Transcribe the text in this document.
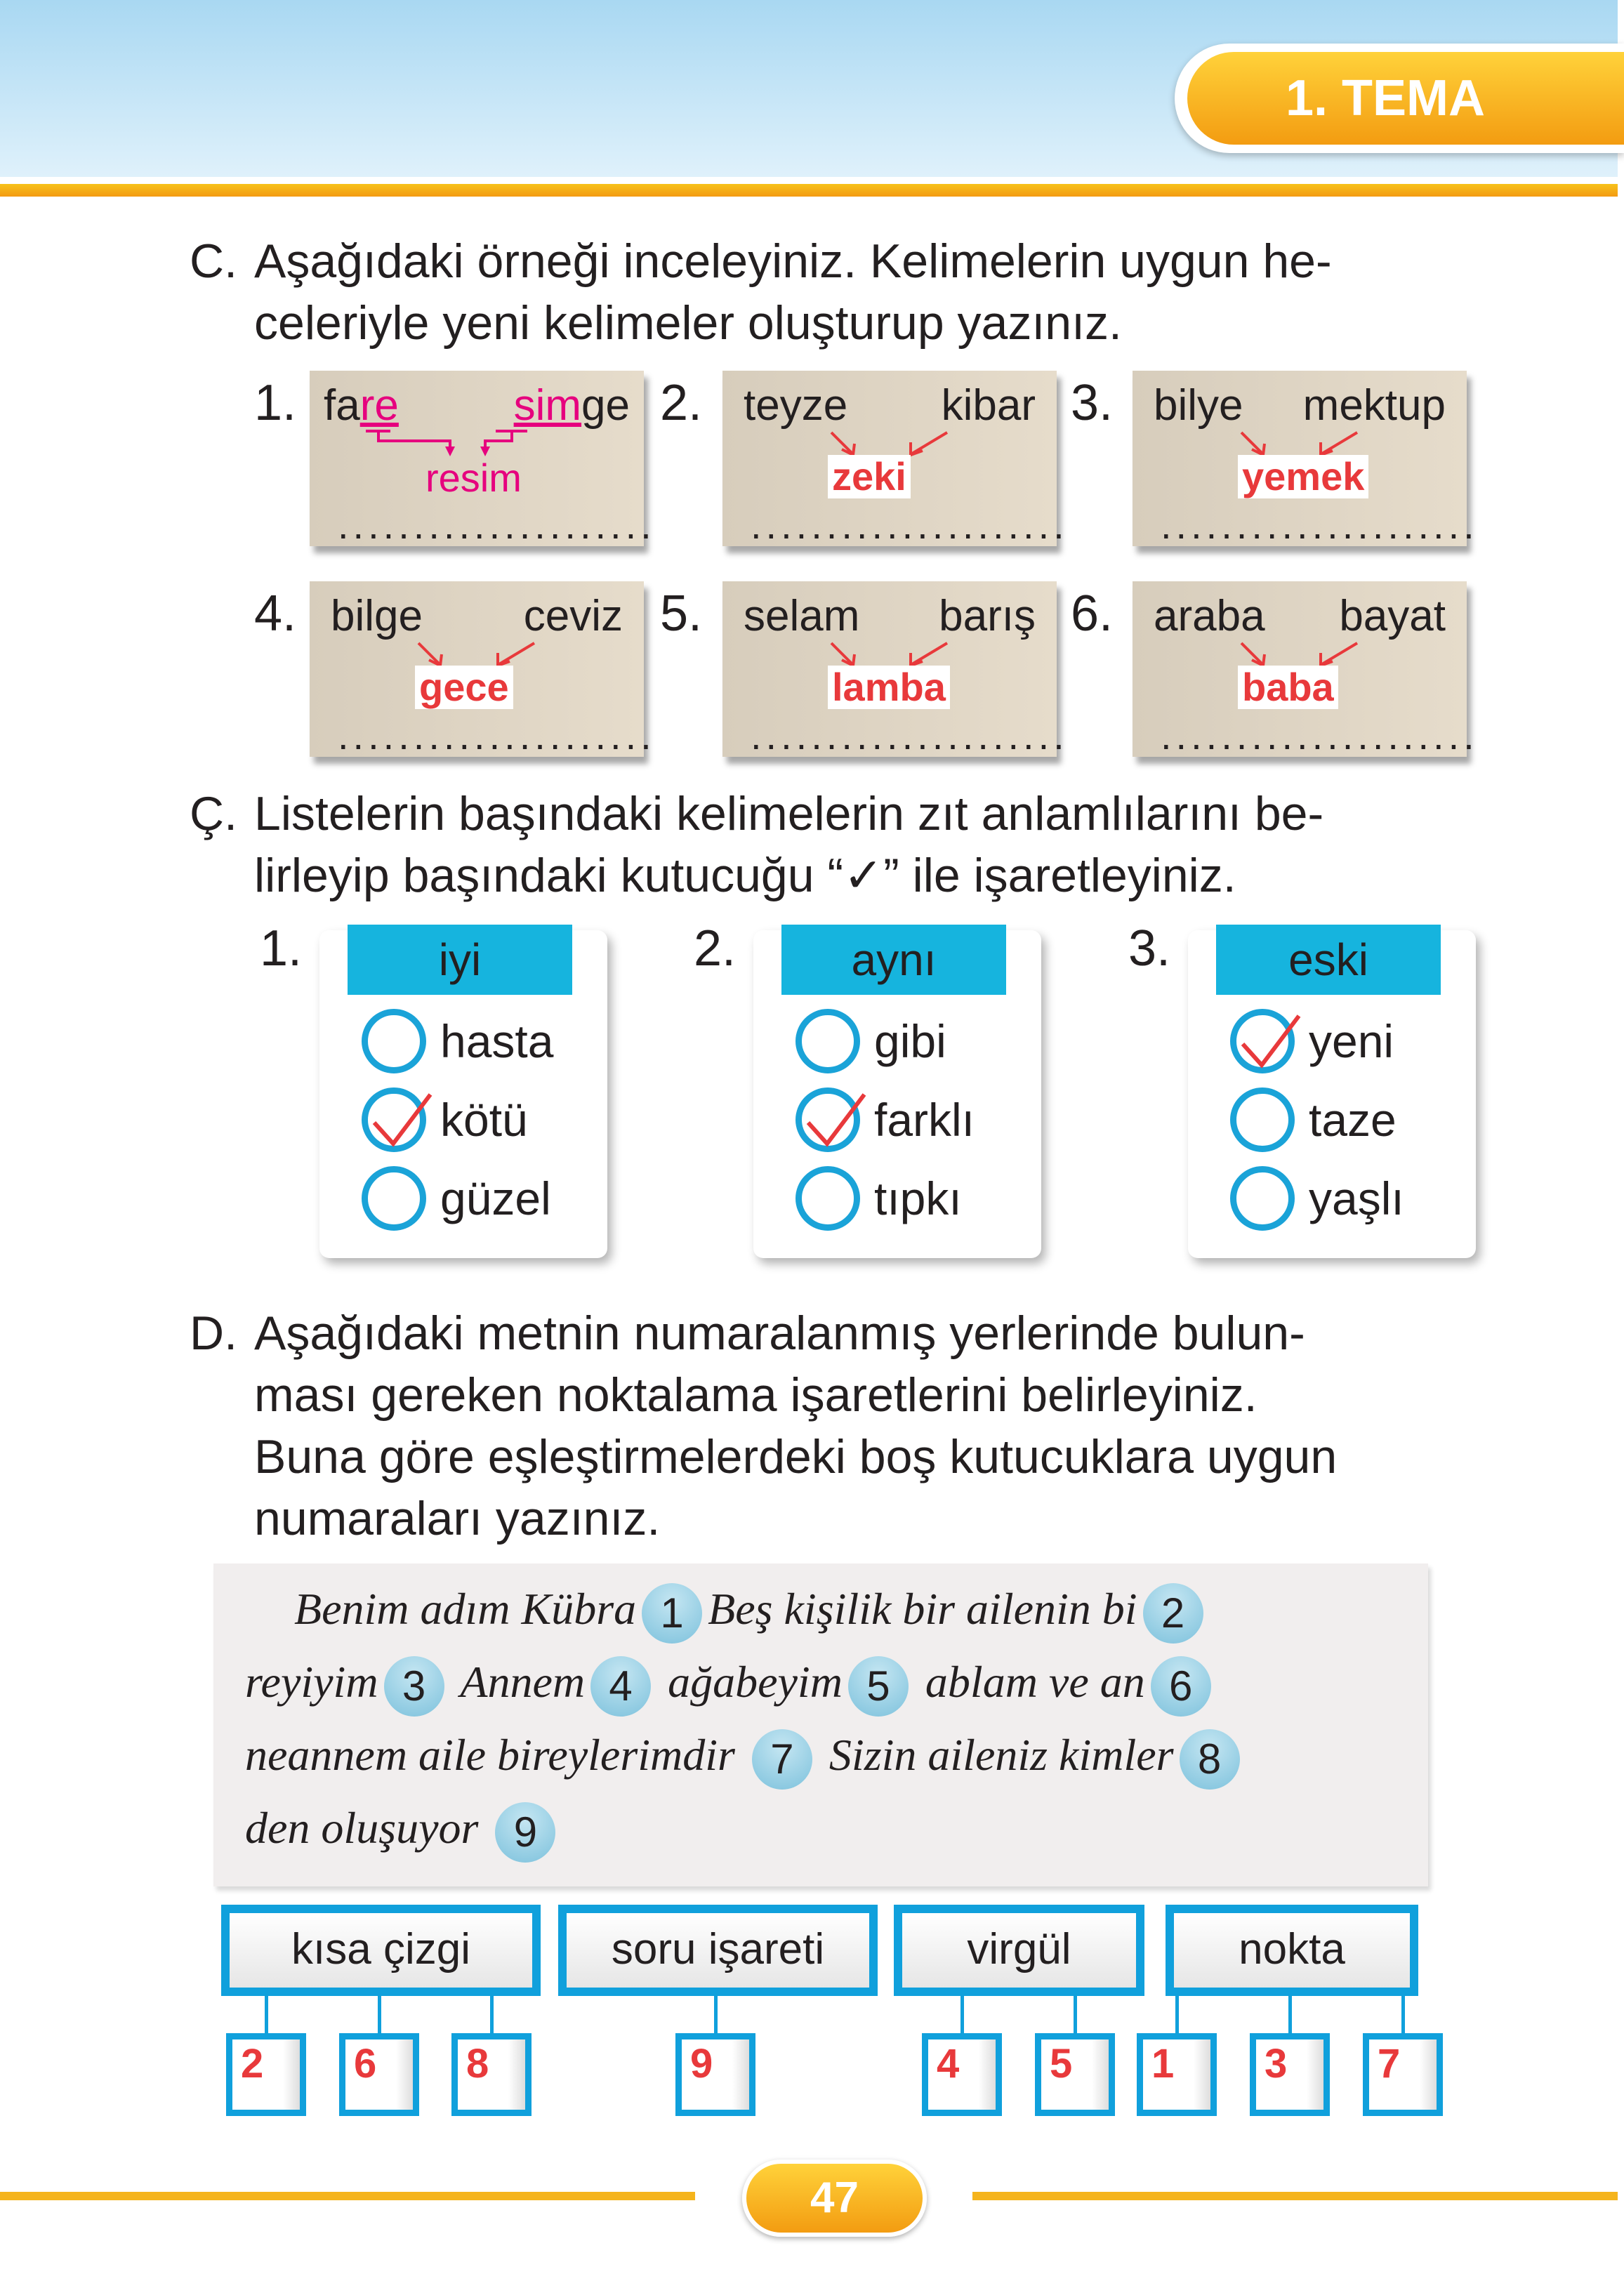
1. TEMA
C. Aşağıdaki örneği inceleyiniz. Kelimelerin uygun he-
celeriyle yeni kelimeler oluşturup yazınız.
Ç. Listelerin başındaki kelimelerin zıt anlamlılarını be-
lirleyip başındaki kutucuğu “✓” ile işaretleyiniz.
D. Aşağıdaki metnin numaralanmış yerlerinde bulun-
ması gereken noktalama işaretlerini belirleyiniz.
Buna göre eşleştirmelerdeki boş kutucuklara uygun
numaraları yazınız.
Benim adım Kübra 1 Beş kişilik bir ailenin bi 2
reyiyim 3 Annem 4 ağabeyim 5 ablam ve an 6
neannem aile bireylerimdir 7 Sizin aileniz kimler 8
den oluşuyor 9
47
1. fare	simge
resim
.....................
2. teyze kibar
zeki
.....................
3. bilye mektup
yemek
.....................
4. bilge ceviz
gece
.....................
5. selam barış
lamba
.....................
6. araba bayat
baba
.....................
1.	iyi
hasta
kötü
güzel
2.	aynı
gibi
farklı
tıpkı
3.	eski
yeni
taze
yaşlı
kısa çizgi	soru işareti	virgül	nokta
2	6	8	9	4	5	1	3	7
